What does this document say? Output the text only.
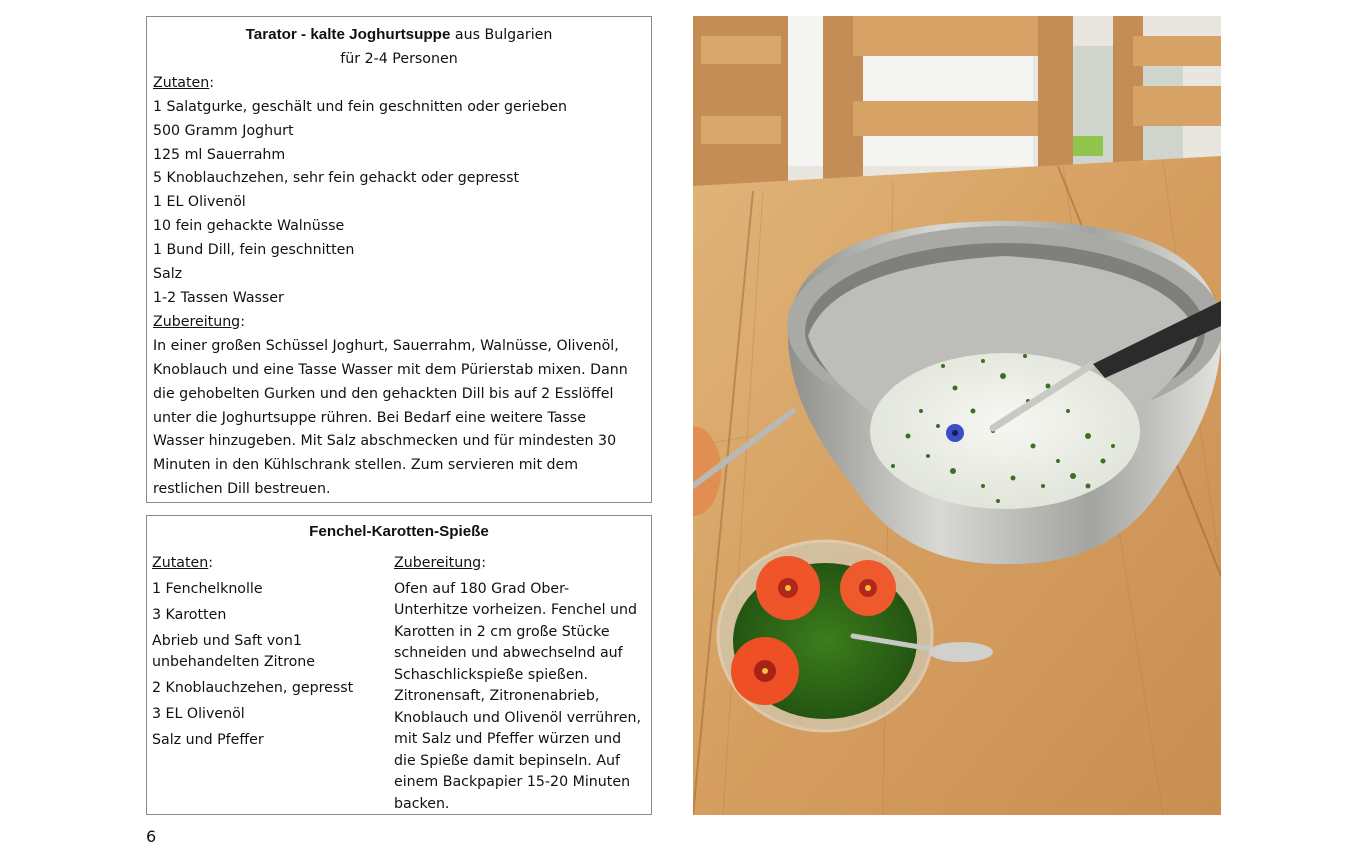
Tarator - kalte Joghurtsuppe aus Bulgarien
für 2-4 Personen
Zutaten:
1 Salatgurke, geschält und fein geschnitten oder gerieben
500 Gramm Joghurt
125 ml Sauerrahm
5 Knoblauchzehen, sehr fein gehackt oder gepresst
1 EL Olivenöl
10 fein gehackte Walnüsse
1 Bund Dill, fein geschnitten
Salz
1-2 Tassen Wasser
Zubereitung:
In einer großen Schüssel Joghurt, Sauerrahm, Walnüsse, Olivenöl,
Knoblauch und eine Tasse Wasser mit dem Pürierstab mixen. Dann
die gehobelten Gurken und den gehackten Dill bis auf 2 Esslöffel
unter die Joghurtsuppe rühren. Bei Bedarf eine weitere Tasse
Wasser hinzugeben. Mit Salz abschmecken und für mindesten 30
Minuten in den Kühlschrank stellen. Zum servieren mit dem
restlichen Dill bestreuen.
Fenchel-Karotten-Spieße
Zutaten:
1 Fenchelknolle
3 Karotten
Abrieb und Saft von1
unbehandelten Zitrone
2 Knoblauchzehen, gepresst
3 EL Olivenöl
Salz und Pfeffer
Zubereitung:
Ofen auf 180 Grad Ober-
Unterhitze vorheizen. Fenchel und
Karotten in 2 cm große Stücke
schneiden und abwechselnd auf
Schaschlickspieße spießen.
Zitronensaft, Zitronenabrieb,
Knoblauch und Olivenöl verrühren,
mit Salz und Pfeffer würzen und
die Spieße damit bepinseln. Auf
einem Backpapier 15-20 Minuten
backen.
6
